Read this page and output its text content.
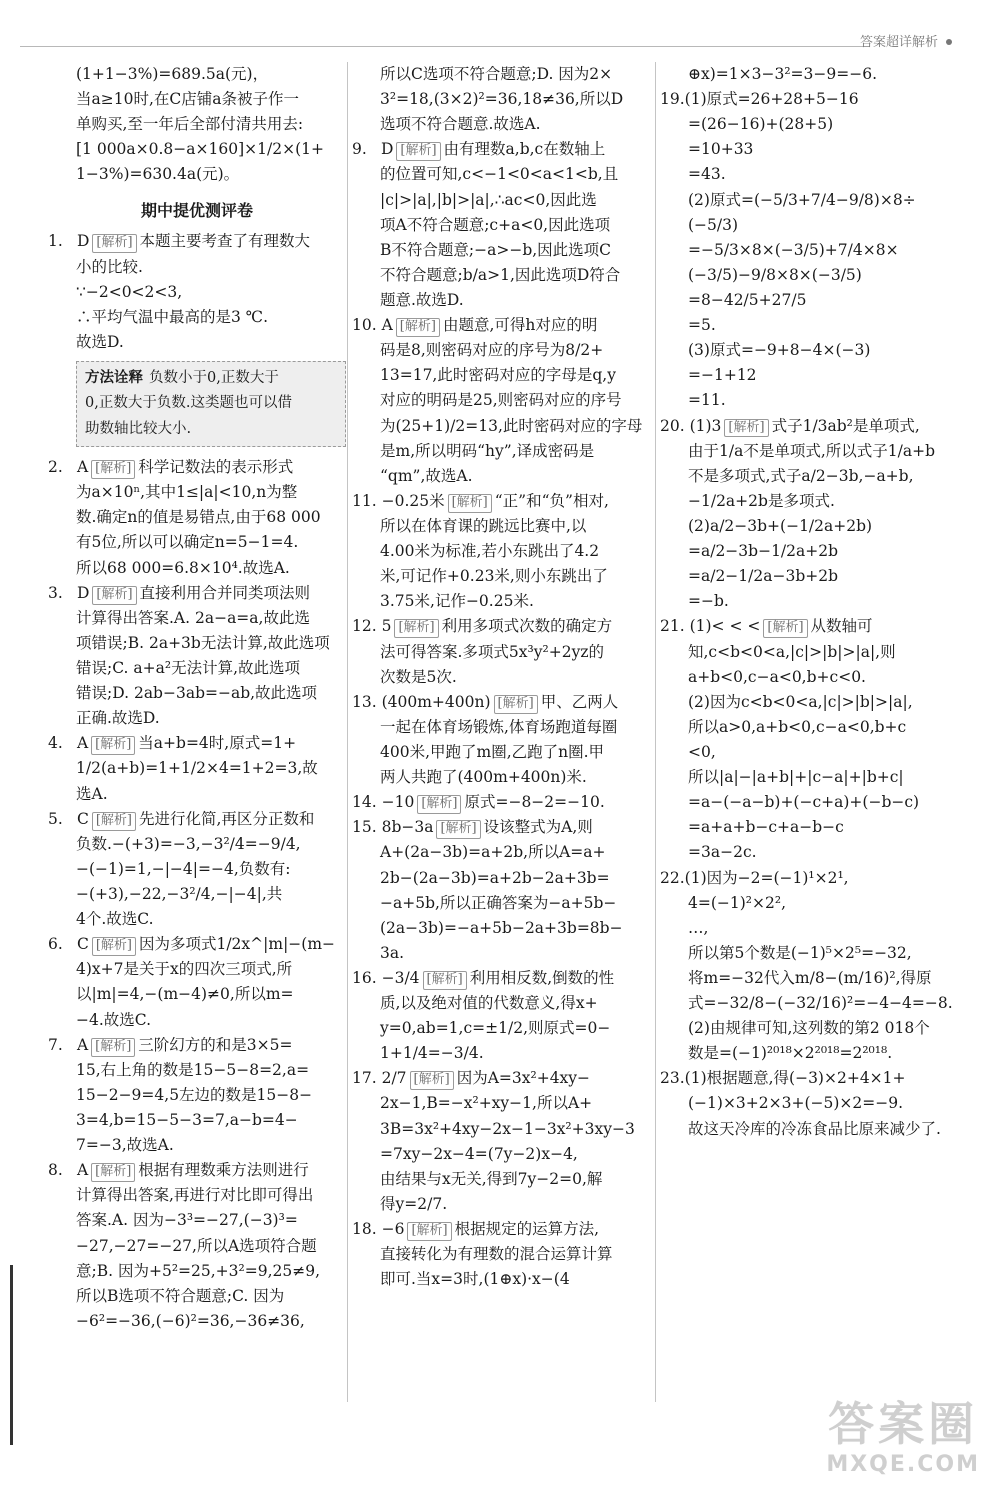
答案超详解析
(1+1−3%)=689.5a(元)，
当a≥10时,在C店铺a条被子作一
单购买,至一年后全部付清共用去:
[1 000a×0.8−a×160]×1/2×(1+
1−3%)=630.4a(元)。
期中提优测评卷
1. D [解析] 本题主要考查了有理数大
小的比较.
∵−2<0<2<3,
∴平均气温中最高的是3 ℃.
故选D.
方法诠释 负数小于0,正数大于
0,正数大于负数.这类题也可以借
助数轴比较大小.
2. A [解析] 科学记数法的表示形式
为a×10ⁿ,其中1≤|a|<10,n为整
数.确定n的值是易错点,由于68 000
有5位,所以可以确定n=5−1=4.
所以68 000=6.8×10⁴.故选A.
3. D [解析] 直接利用合并同类项法则
计算得出答案.A. 2a−a=a,故此选
项错误;B. 2a+3b无法计算,故此选项
错误;C. a+a²无法计算,故此选项
错误;D. 2ab−3ab=−ab,故此选项
正确.故选D.
4. A [解析] 当a+b=4时,原式=1+
1/2(a+b)=1+1/2×4=1+2=3,故
选A.
5. C [解析] 先进行化简,再区分正数和
负数.−(+3)=−3,−3²/4=−9/4,
−(−1)=1,−|−4|=−4,负数有:
−(+3),−22,−3²/4,−|−4|,共
4个.故选C.
6. C [解析] 因为多项式1/2x^|m|−(m−
4)x+7是关于x的四次三项式,所
以|m|=4,−(m−4)≠0,所以m=
−4.故选C.
7. A [解析] 三阶幻方的和是3×5=
15,右上角的数是15−5−8=2,a=
15−2−9=4,5左边的数是15−8−
3=4,b=15−5−3=7,a−b=4−
7=−3,故选A.
8. A [解析] 根据有理数乘方法则进行
计算得出答案,再进行对比即可得出
答案.A. 因为−3³=−27,(−3)³=
−27,−27=−27,所以A选项符合题
意;B. 因为+5²=25,+3²=9,25≠9,
所以B选项不符合题意;C. 因为
−6²=−36,(−6)²=36,−36≠36,
所以C选项不符合题意;D. 因为2×
3²=18,(3×2)²=36,18≠36,所以D
选项不符合题意.故选A.
9. D [解析] 由有理数a,b,c在数轴上
的位置可知,c<−1<0<a<1<b,且
|c|>|a|,|b|>|a|,∴ac<0,因此选
项A不符合题意;c+a<0,因此选项
B不符合题意;−a>−b,因此选项C
不符合题意;b/a>1,因此选项D符合
题意.故选D.
10. A [解析] 由题意,可得h对应的明
码是8,则密码对应的序号为8/2+
13=17,此时密码对应的字母是q,y
对应的明码是25,则密码对应的序号
为(25+1)/2=13,此时密码对应的字母
是m,所以明码“hy”,译成密码是
“qm”,故选A.
11. −0.25米 [解析] “正”和“负”相对,
所以在体育课的跳远比赛中,以
4.00米为标准,若小东跳出了4.2
米,可记作+0.23米,则小东跳出了
3.75米,记作−0.25米.
12. 5 [解析] 利用多项式次数的确定方
法可得答案.多项式5x³y²+2yz的
次数是5次.
13. (400m+400n) [解析] 甲、乙两人
一起在体育场锻炼,体育场跑道每圈
400米,甲跑了m圈,乙跑了n圈.甲
两人共跑了(400m+400n)米.
14. −10 [解析] 原式=−8−2=−10.
15. 8b−3a [解析] 设该整式为A,则
A+(2a−3b)=a+2b,所以A=a+
2b−(2a−3b)=a+2b−2a+3b=
−a+5b,所以正确答案为−a+5b−
(2a−3b)=−a+5b−2a+3b=8b−
3a.
16. −3/4 [解析] 利用相反数,倒数的性
质,以及绝对值的代数意义,得x+
y=0,ab=1,c=±1/2,则原式=0−
1+1/4=−3/4.
17. 2/7 [解析] 因为A=3x²+4xy−
2x−1,B=−x²+xy−1,所以A+
3B=3x²+4xy−2x−1−3x²+3xy−3
=7xy−2x−4=(7y−2)x−4,
由结果与x无关,得到7y−2=0,解
得y=2/7.
18. −6 [解析] 根据规定的运算方法,
直接转化为有理数的混合运算计算
即可.当x=3时,(1⊕x)·x−(4
⊕x)=1×3−3²=3−9=−6.
19.(1)原式=26+28+5−16
=(26−16)+(28+5)
=10+33
=43.
(2)原式=(−5/3+7/4−9/8)×8÷
(−5/3)
=−5/3×8×(−3/5)+7/4×8×
(−3/5)−9/8×8×(−3/5)
=8−42/5+27/5
=5.
(3)原式=−9+8−4×(−3)
=−1+12
=11.
20. (1)3 [解析] 式子1/3ab²是单项式,
由于1/a不是单项式,所以式子1/a+b
不是多项式,式子a/2−3b,−a+b,
−1/2a+2b是多项式.
(2)a/2−3b+(−1/2a+2b)
=a/2−3b−1/2a+2b
=a/2−1/2a−3b+2b
=−b.
21. (1)< < < [解析] 从数轴可
知,c<b<0<a,|c|>|b|>|a|,则
a+b<0,c−a<0,b+c<0.
(2)因为c<b<0<a,|c|>|b|>|a|,
所以a>0,a+b<0,c−a<0,b+c
<0,
所以|a|−|a+b|+|c−a|+|b+c|
=a−(−a−b)+(−c+a)+(−b−c)
=a+a+b−c+a−b−c
=3a−2c.
22.(1)因为−2=(−1)¹×2¹,
4=(−1)²×2²,
…,
所以第5个数是(−1)⁵×2⁵=−32,
将m=−32代入m/8−(m/16)²,得原
式=−32/8−(−32/16)²=−4−4=−8.
(2)由规律可知,这列数的第2 018个
数是=(−1)²⁰¹⁸×2²⁰¹⁸=2²⁰¹⁸.
23.(1)根据题意,得(−3)×2+4×1+
(−1)×3+2×3+(−5)×2=−9.
故这天冷库的冷冻食品比原来减少了.
答案圈
MXQE.COM
